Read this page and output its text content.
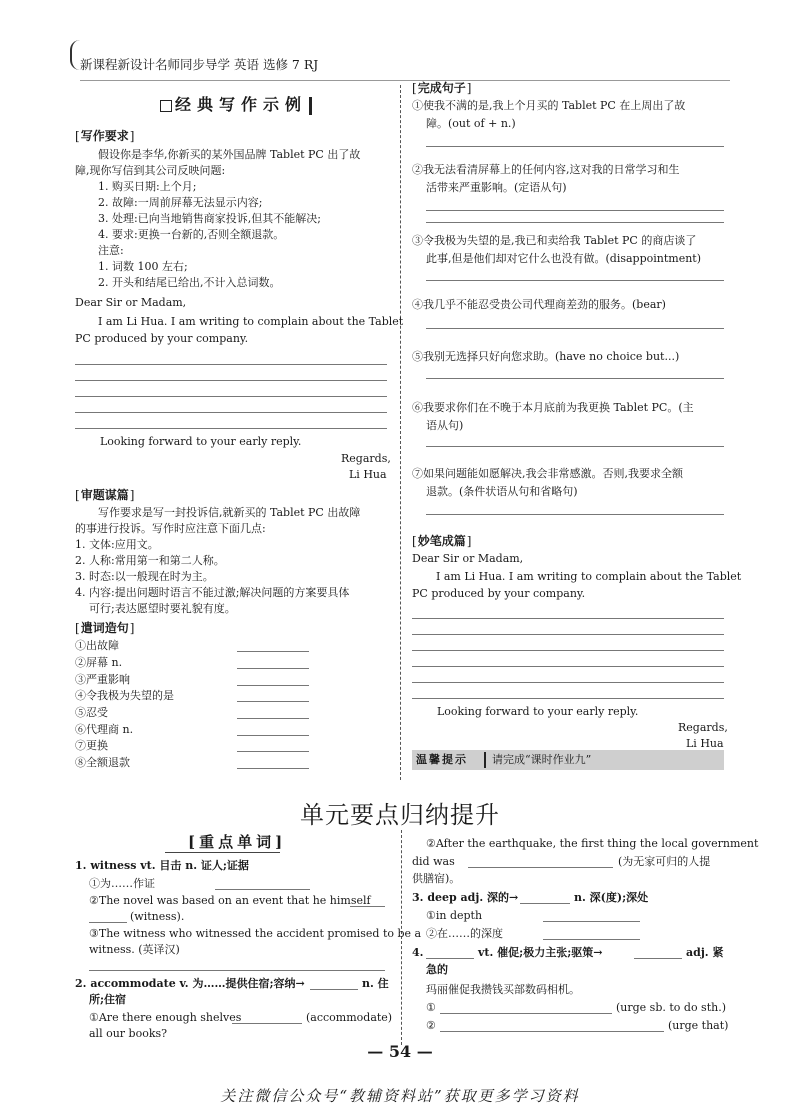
新课程新设计名师同步导学 英语 选修 7 RJ
经典写作示例
[ 写作要求 ]
假设你是李华,你新买的某外国品牌 Tablet PC 出了故
障,现你写信到其公司反映问题:
1. 购买日期:上个月;
2. 故障:一周前屏幕无法显示内容;
3. 处理:已向当地销售商家投诉,但其不能解决;
4. 要求:更换一台新的,否则全额退款。
注意:
1. 词数 100 左右;
2. 开头和结尾已给出,不计入总词数。
Dear Sir or Madam,
I am Li Hua. I am writing to complain about the Tablet
PC produced by your company.
Looking forward to your early reply.
Regards,
Li Hua
[ 审题谋篇 ]
写作要求是写一封投诉信,就新买的 Tablet PC 出故障
的事进行投诉。写作时应注意下面几点:
1. 文体:应用文。
2. 人称:常用第一和第二人称。
3. 时态:以一般现在时为主。
4. 内容:提出问题时语言不能过激;解决问题的方案要具体
可行;表达愿望时要礼貌有度。
[ 遣词造句 ]
①出故障
②屏幕 n.
③严重影响
④令我极为失望的是
⑤忍受
⑥代理商 n.
⑦更换
⑧全额退款
[ 完成句子 ]
①使我不满的是,我上个月买的 Tablet PC 在上周出了故
障。(out of + n.)
②我无法看清屏幕上的任何内容,这对我的日常学习和生
活带来严重影响。(定语从句)
③令我极为失望的是,我已和卖给我 Tablet PC 的商店谈了
此事,但是他们却对它什么也没有做。(disappointment)
④我几乎不能忍受贵公司代理商差劲的服务。(bear)
⑤我别无选择只好向您求助。(have no choice but...)
⑥我要求你们在不晚于本月底前为我更换 Tablet PC。(主
语从句)
⑦如果问题能如愿解决,我会非常感激。否则,我要求全额
退款。(条件状语从句和省略句)
[ 妙笔成篇 ]
Dear Sir or Madam,
I am Li Hua. I am writing to complain about the Tablet
PC produced by your company.
Looking forward to your early reply.
Regards,
Li Hua
温馨提示 请完成“课时作业九”
单元要点归纳提升
[重点单词]
1. witness vt. 目击 n. 证人;证据
①为……作证
②The novel was based on an event that he himself
(witness).
③The witness who witnessed the accident promised to be a
witness. (英译汉)
2. accommodate v. 为……提供住宿;容纳→	n. 住
所;住宿
①Are there enough shelves	(accommodate)
all our books?
②After the earthquake, the first thing the local government
did was	(为无家可归的人提
供膳宿)。
3. deep adj. 深的→	n. 深(度);深处
①in depth
②在……的深度
4.	vt. 催促;极力主张;驱策→	adj. 紧
急的
玛丽催促我攒钱买部数码相机。
①	(urge sb. to do sth.)
②	(urge that)
— 54 —
关注微信公众号“教辅资料站”获取更多学习资料
